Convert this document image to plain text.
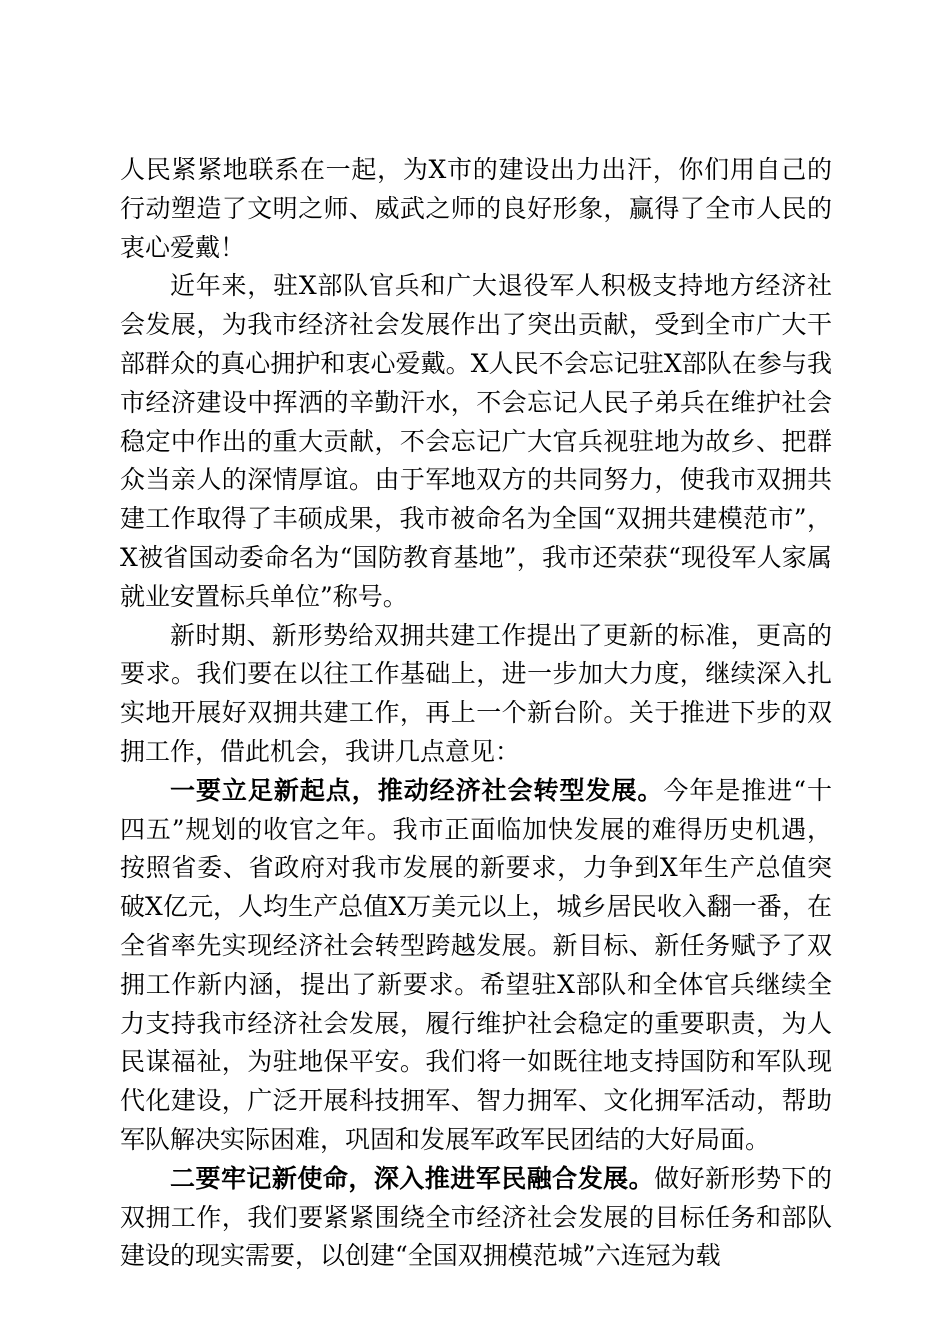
人民紧紧地联系在一起，为X市的建设出力出汗，你们用自己的行动塑造了文明之师、威武之师的良好形象，赢得了全市人民的衷心爱戴！

近年来，驻X部队官兵和广大退役军人积极支持地方经济社会发展，为我市经济社会发展作出了突出贡献，受到全市广大干部群众的真心拥护和衷心爱戴。X人民不会忘记驻X部队在参与我市经济建设中挥洒的辛勤汗水，不会忘记人民子弟兵在维护社会稳定中作出的重大贡献，不会忘记广大官兵视驻地为故乡、把群众当亲人的深情厚谊。由于军地双方的共同努力，使我市双拥共建工作取得了丰硕成果，我市被命名为全国“双拥共建模范市”，X被省国动委命名为“国防教育基地”，我市还荣获“现役军人家属就业安置标兵单位”称号。

新时期、新形势给双拥共建工作提出了更新的标准，更高的要求。我们要在以往工作基础上，进一步加大力度，继续深入扎实地开展好双拥共建工作，再上一个新台阶。关于推进下步的双拥工作，借此机会，我讲几点意见：

一要立足新起点，推动经济社会转型发展。今年是推进“十四五”规划的收官之年。我市正面临加快发展的难得历史机遇，按照省委、省政府对我市发展的新要求，力争到X年生产总值突破X亿元，人均生产总值X万美元以上，城乡居民收入翻一番，在全省率先实现经济社会转型跨越发展。新目标、新任务赋予了双拥工作新内涵，提出了新要求。希望驻X部队和全体官兵继续全力支持我市经济社会发展，履行维护社会稳定的重要职责，为人民谋福祉，为驻地保平安。我们将一如既往地支持国防和军队现代化建设，广泛开展科技拥军、智力拥军、文化拥军活动，帮助军队解决实际困难，巩固和发展军政军民团结的大好局面。

二要牢记新使命，深入推进军民融合发展。做好新形势下的双拥工作，我们要紧紧围绕全市经济社会发展的目标任务和部队建设的现实需要，以创建“全国双拥模范城”六连冠为载
